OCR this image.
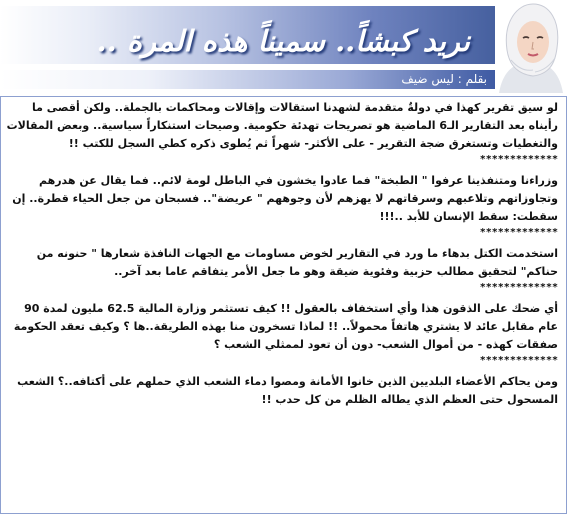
نريد كبشاً.. سميناً هذه المرة ..
بقلم : ليس ضيف

لو سيق تقرير كهذا في دولةٌ متقدمة لشهدنا استقالات وإقالات ومحاكمات بالجملة.. ولكن أقصى ما رأيناه بعد التقارير الـ6 الماضية هو تصريحات تهدئة حكومية. وصيحات استنكاراً سياسية.. وبعض المقالات والتغطيات وتستغرق ضجة التقرير - على الأكثر- شهراً ثم يُطوى ذكره كطي السجل للكتب !!

*************

وزراءنا ومتنفذينا عرفوا " الطبخة" فما عادوا يخشون في الباطل لومة لائم.. فما يقال عن هدرهم وتجاوزاتهم وتلاعبهم وسرقاتهم لا يهزهم لأن وجوههم " عريضة".. فسبحان من جعل الحياء قطرة.. إن سقطت: سقط الإنسان للأبد ..!!!

*************

استخدمت الكتل بدهاء ما ورد في التقارير لخوض مساومات مع الجهات النافذة شعارها " حنونه من حناكم" لتحقيق مطالب حزبية وفئوية ضيقة وهو ما جعل الأمر يتفاقم عاما بعد آخر..

*************

أي ضحك على الذقون هذا وأي استخفاف بالعقول !! كيف تستثمر وزارة المالية 62.5 مليون لمدة 90 عام مقابل عائد لا يشتري هاتفاً محمولاً.. !! لماذا تسخرون منا بهذه الطريقة..ها ؟ وكيف تعقد الحكومة صفقات كهذه - من أموال الشعب- دون أن تعود لممثلي الشعب ؟

*************

ومن يحاكم الأعضاء البلديين الذين خانوا الأمانة ومصوا دماء الشعب الذي حملهم على أكتافه..؟ الشعب المسحول حتى العظم الذي يطاله الظلم من كل حدب !!
